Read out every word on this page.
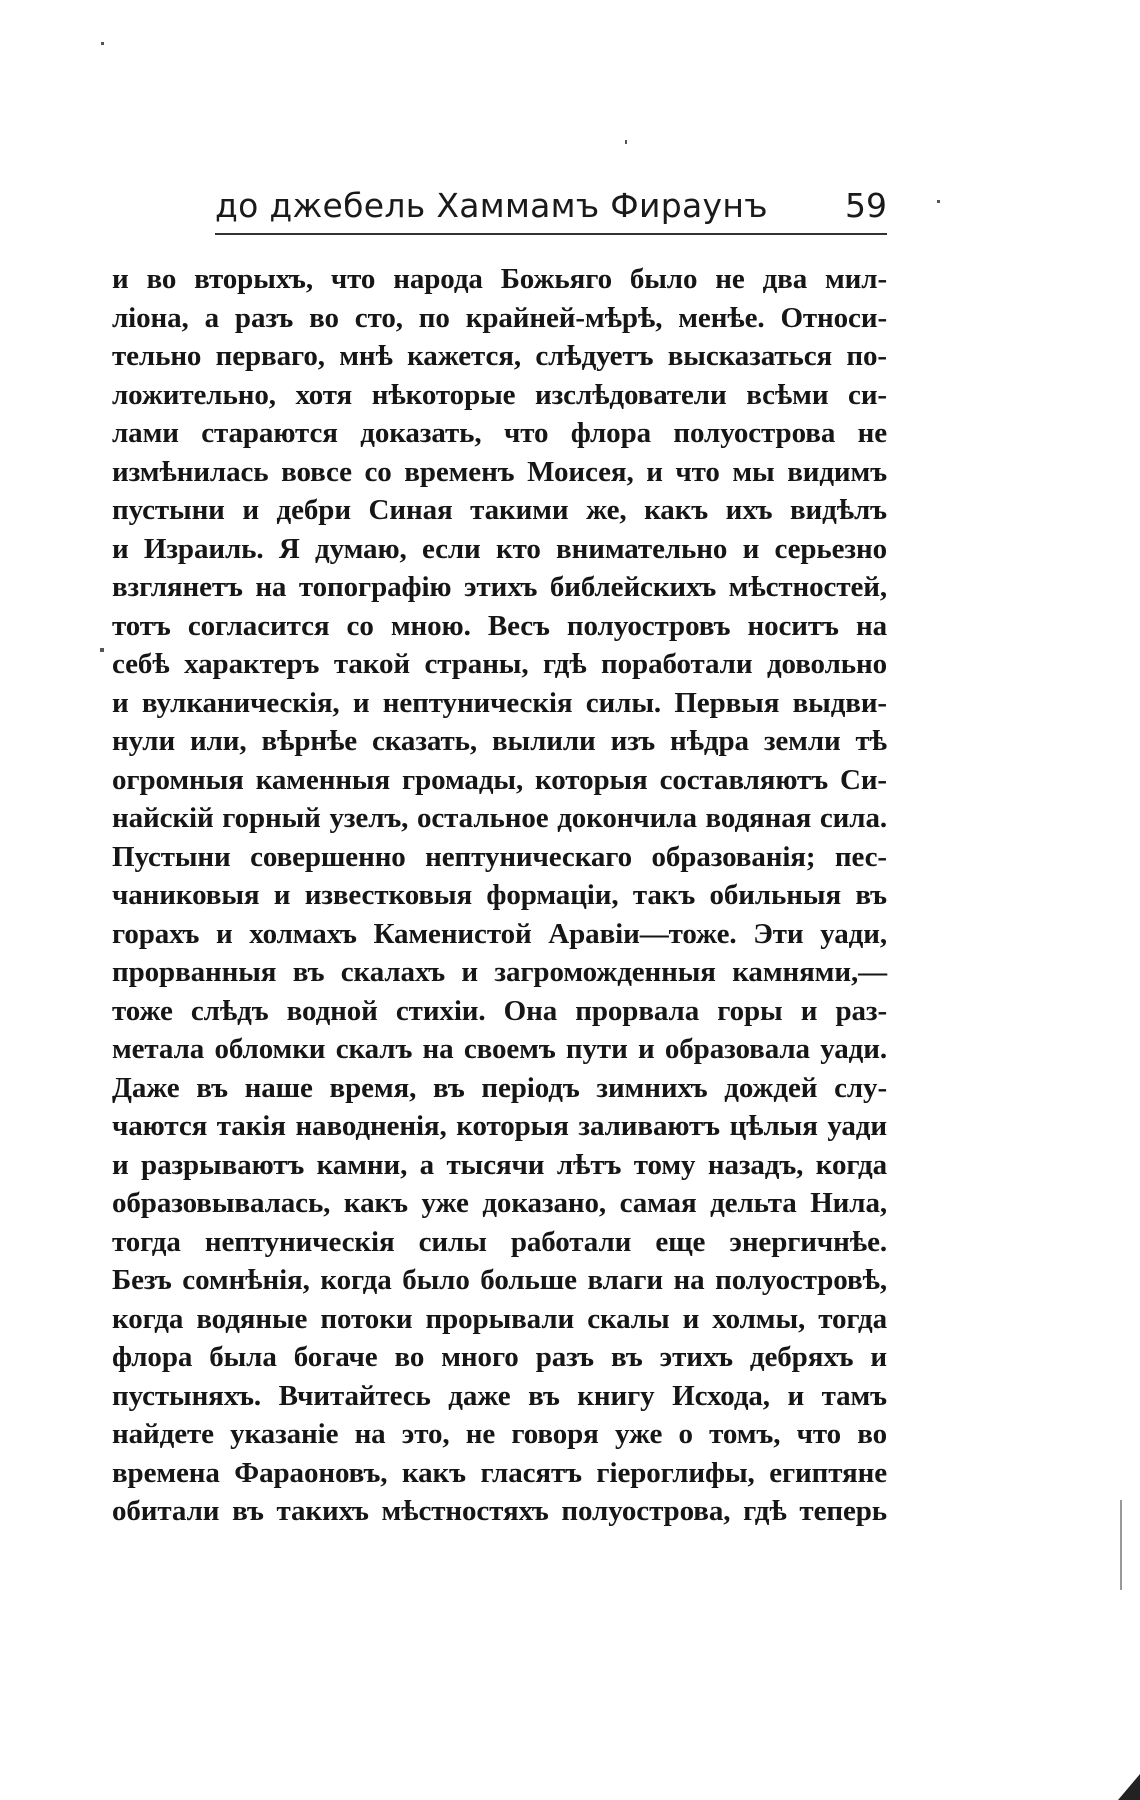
до джебель Хаммамъ Фираунъ 59
и во вторыхъ, что народа Божьяго было не два мил-
ліона, а разъ во сто, по крайней-мѣрѣ, менѣе. Относи-
тельно перваго, мнѣ кажется, слѣдуетъ высказаться по-
ложительно, хотя нѣкоторые изслѣдователи всѣми си-
лами стараются доказать, что флора полуострова не
измѣнилась вовсе со временъ Моисея, и что мы видимъ
пустыни и дебри Синая такими же, какъ ихъ видѣлъ
и Израиль. Я думаю, если кто внимательно и серьезно
взглянетъ на топографію этихъ библейскихъ мѣстностей,
тотъ согласится со мною. Весъ полуостровъ носитъ на
себѣ характеръ такой страны, гдѣ поработали довольно
и вулканическія, и нептуническія силы. Первыя выдви-
нули или, вѣрнѣе сказать, вылили изъ нѣдра земли тѣ
огромныя каменныя громады, которыя составляютъ Си-
найскій горный узелъ, остальное докончила водяная сила.
Пустыни совершенно нептуническаго образованія; пес-
чаниковыя и известковыя формаціи, такъ обильныя въ
горахъ и холмахъ Каменистой Аравіи—тоже. Эти уади,
прорванныя въ скалахъ и загроможденныя камнями,—
тоже слѣдъ водной стихіи. Она прорвала горы и раз-
метала обломки скалъ на своемъ пути и образовала уади.
Даже въ наше время, въ періодъ зимнихъ дождей слу-
чаются такія наводненія, которыя заливаютъ цѣлыя уади
и разрываютъ камни, а тысячи лѣтъ тому назадъ, когда
образовывалась, какъ уже доказано, самая дельта Нила,
тогда нептуническія силы работали еще энергичнѣе.
Безъ сомнѣнія, когда было больше влаги на полуостровѣ,
когда водяные потоки прорывали скалы и холмы, тогда
флора была богаче во много разъ въ этихъ дебряхъ и
пустыняхъ. Вчитайтесь даже въ книгу Исхода, и тамъ
найдете указаніе на это, не говоря уже о томъ, что во
времена Фараоновъ, какъ гласятъ гіероглифы, египтяне
обитали въ такихъ мѣстностяхъ полуострова, гдѣ теперь
